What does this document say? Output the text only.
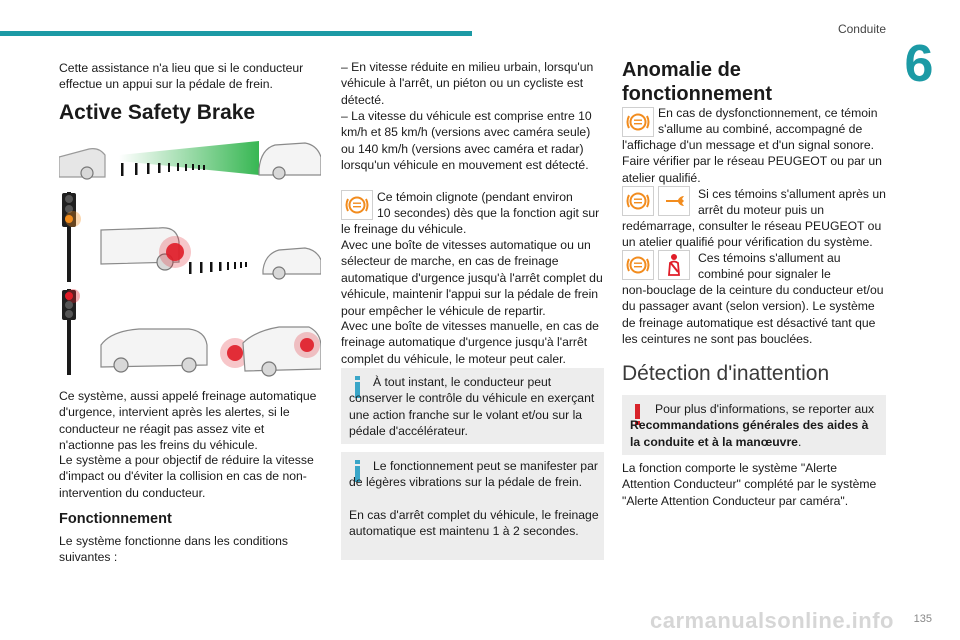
Conduite
6

Cette assistance n'a lieu que si le conducteur effectue un appui sur la pédale de frein.

Active Safety Brake

Ce système, aussi appelé freinage automatique d'urgence, intervient après les alertes, si le conducteur ne réagit pas assez vite et n'actionne pas les freins du véhicule.

Le système a pour objectif de réduire la vitesse d'impact ou d'éviter la collision en cas de non-intervention du conducteur.

Fonctionnement

Le système fonctionne dans les conditions suivantes :

– En vitesse réduite en milieu urbain, lorsqu'un véhicule à l'arrêt, un piéton ou un cycliste est détecté.

– La vitesse du véhicule est comprise entre 10 km/h et 85 km/h (versions avec caméra seule) ou 140 km/h (versions avec caméra et radar) lorsqu'un véhicule en mouvement est détecté.

Ce témoin clignote (pendant environ

10 secondes) dès que la fonction agit sur

le freinage du véhicule.

Avec une boîte de vitesses automatique ou un sélecteur de marche, en cas de freinage automatique d'urgence jusqu'à l'arrêt complet du véhicule, maintenir l'appui sur la pédale de frein pour empêcher le véhicule de repartir.

Avec une boîte de vitesses manuelle, en cas de freinage automatique d'urgence jusqu'à l'arrêt complet du véhicule, le moteur peut caler.

À tout instant, le conducteur peut conserver le contrôle du véhicule en exerçant une action franche sur le volant et/ou sur la pédale d'accélérateur.

Le fonctionnement peut se manifester par de légères vibrations sur la pédale de frein.

En cas d'arrêt complet du véhicule, le freinage automatique est maintenu 1 à 2 secondes.

Anomalie de fonctionnement

En cas de dysfonctionnement, ce témoin

s'allume au combiné, accompagné de

l'affichage d'un message et d'un signal sonore. Faire vérifier par le réseau PEUGEOT ou par un atelier qualifié.

Si ces témoins s'allument après un

arrêt du moteur puis un

redémarrage, consulter le réseau PEUGEOT ou un atelier qualifié pour vérification du système.

Ces témoins s'allument au

combiné pour signaler le

non-bouclage de la ceinture du conducteur et/ou du passager avant (selon version). Le système de freinage automatique est désactivé tant que les ceintures ne sont pas bouclées.

Détection d'inattention

Pour plus d'informations, se reporter aux Recommandations générales des aides à la conduite et à la manœuvre.

La fonction comporte le système "Alerte Attention Conducteur" complété par le système "Alerte Attention Conducteur par caméra".

carmanualsonline.info 135
